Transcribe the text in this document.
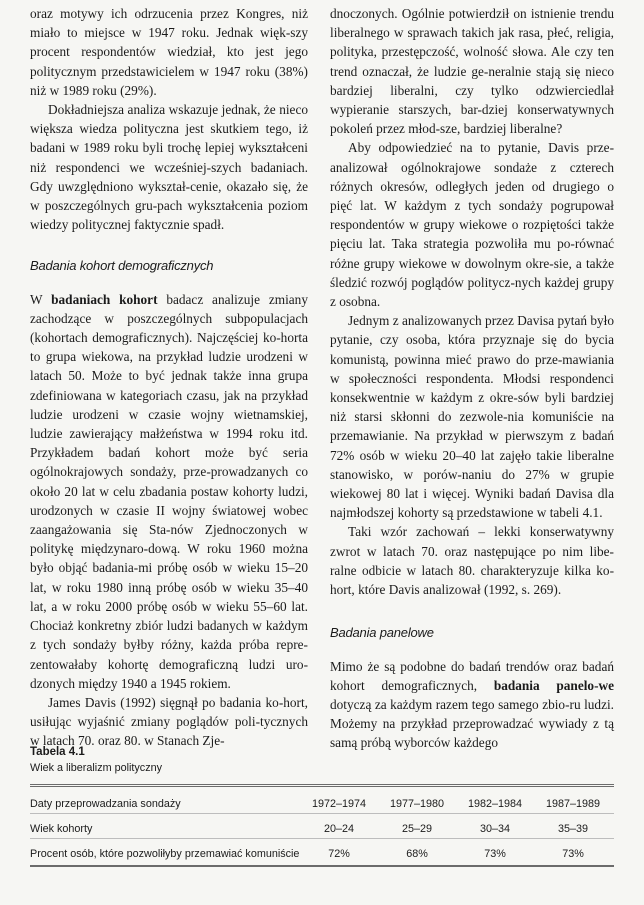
oraz motywy ich odrzucenia przez Kongres, niż miało to miejsce w 1947 roku. Jednak więk-szy procent respondentów wiedział, kto jest jego politycznym przedstawicielem w 1947 roku (38%) niż w 1989 roku (29%).

Dokładniejsza analiza wskazuje jednak, że nieco większa wiedza polityczna jest skutkiem tego, iż badani w 1989 roku byli trochę lepiej wykształceni niż respondenci we wcześniej-szych badaniach. Gdy uwzględniono wykształ-cenie, okazało się, że w poszczególnych gru-pach wykształcenia poziom wiedzy politycznej faktycznie spadł.

Badania kohort demograficznych

W badaniach kohort badacz analizuje zmiany zachodzące w poszczególnych subpopulacjach (kohortach demograficznych). Najczęściej ko-horta to grupa wiekowa, na przykład ludzie urodzeni w latach 50. Może to być jednak także inna grupa zdefiniowana w kategoriach czasu, jak na przykład ludzie urodzeni w czasie wojny wietnamskiej, ludzie zawierający małżeństwa w 1994 roku itd. Przykładem badań kohort może być seria ogólnokrajowych sondaży, prze-prowadzanych co około 20 lat w celu zbadania postaw kohorty ludzi, urodzonych w czasie II wojny światowej wobec zaangażowania się Sta-nów Zjednoczonych w politykę międzynaro-dową. W roku 1960 można było objąć badania-mi próbę osób w wieku 15–20 lat, w roku 1980 inną próbę osób w wieku 35–40 lat, a w roku 2000 próbę osób w wieku 55–60 lat. Chociaż konkretny zbiór ludzi badanych w każdym z tych sondaży byłby różny, każda próba repre-zentowałaby kohortę demograficzną ludzi uro-dzonych między 1940 a 1945 rokiem.

James Davis (1992) sięgnął po badania ko-hort, usiłując wyjaśnić zmiany poglądów poli-tycznych w latach 70. oraz 80. w Stanach Zje-

dnoczonych. Ogólnie potwierdził on istnienie trendu liberalnego w sprawach takich jak rasa, płeć, religia, polityka, przestępczość, wolność słowa. Ale czy ten trend oznaczał, że ludzie ge-neralnie stają się nieco bardziej liberalni, czy tylko odzwierciedlał wypieranie starszych, bar-dziej konserwatywnych pokoleń przez młod-sze, bardziej liberalne?

Aby odpowiedzieć na to pytanie, Davis prze-analizował ogólnokrajowe sondaże z czterech różnych okresów, odległych jeden od drugiego o pięć lat. W każdym z tych sondaży pogrupował respondentów w grupy wiekowe o rozpiętości także pięciu lat. Taka strategia pozwoliła mu po-równać różne grupy wiekowe w dowolnym okre-sie, a także śledzić rozwój poglądów politycz-nych każdej grupy z osobna.

Jednym z analizowanych przez Davisa pytań było pytanie, czy osoba, która przyznaje się do bycia komunistą, powinna mieć prawo do prze-mawiania w społeczności respondenta. Młodsi respondenci konsekwentnie w każdym z okre-sów byli bardziej niż starsi skłonni do zezwole-nia komuniście na przemawianie. Na przykład w pierwszym z badań 72% osób w wieku 20–40 lat zajęło takie liberalne stanowisko, w porów-naniu do 27% w grupie wiekowej 80 lat i więcej. Wyniki badań Davisa dla najmłodszej kohorty są przedstawione w tabeli 4.1.

Taki wzór zachowań – lekki konserwatywny zwrot w latach 70. oraz następujące po nim libe-ralne odbicie w latach 80. charakteryzuje kilka ko-hort, które Davis analizował (1992, s. 269).

Badania panelowe

Mimo że są podobne do badań trendów oraz badań kohort demograficznych, badania panelo-we dotyczą za każdym razem tego samego zbio-ru ludzi. Możemy na przykład przeprowadzać wywiady z tą samą próbą wyborców każdego

Tabela 4.1
Wiek a liberalizm polityczny
Daty przeprowadzania sondaży	1972–1974	1977–1980	1982–1984	1987–1989
Wiek kohorty	20–24	25–29	30–34	35–39
Procent osób, które pozwoliłyby przemawiać komuniście	72%	68%	73%	73%
